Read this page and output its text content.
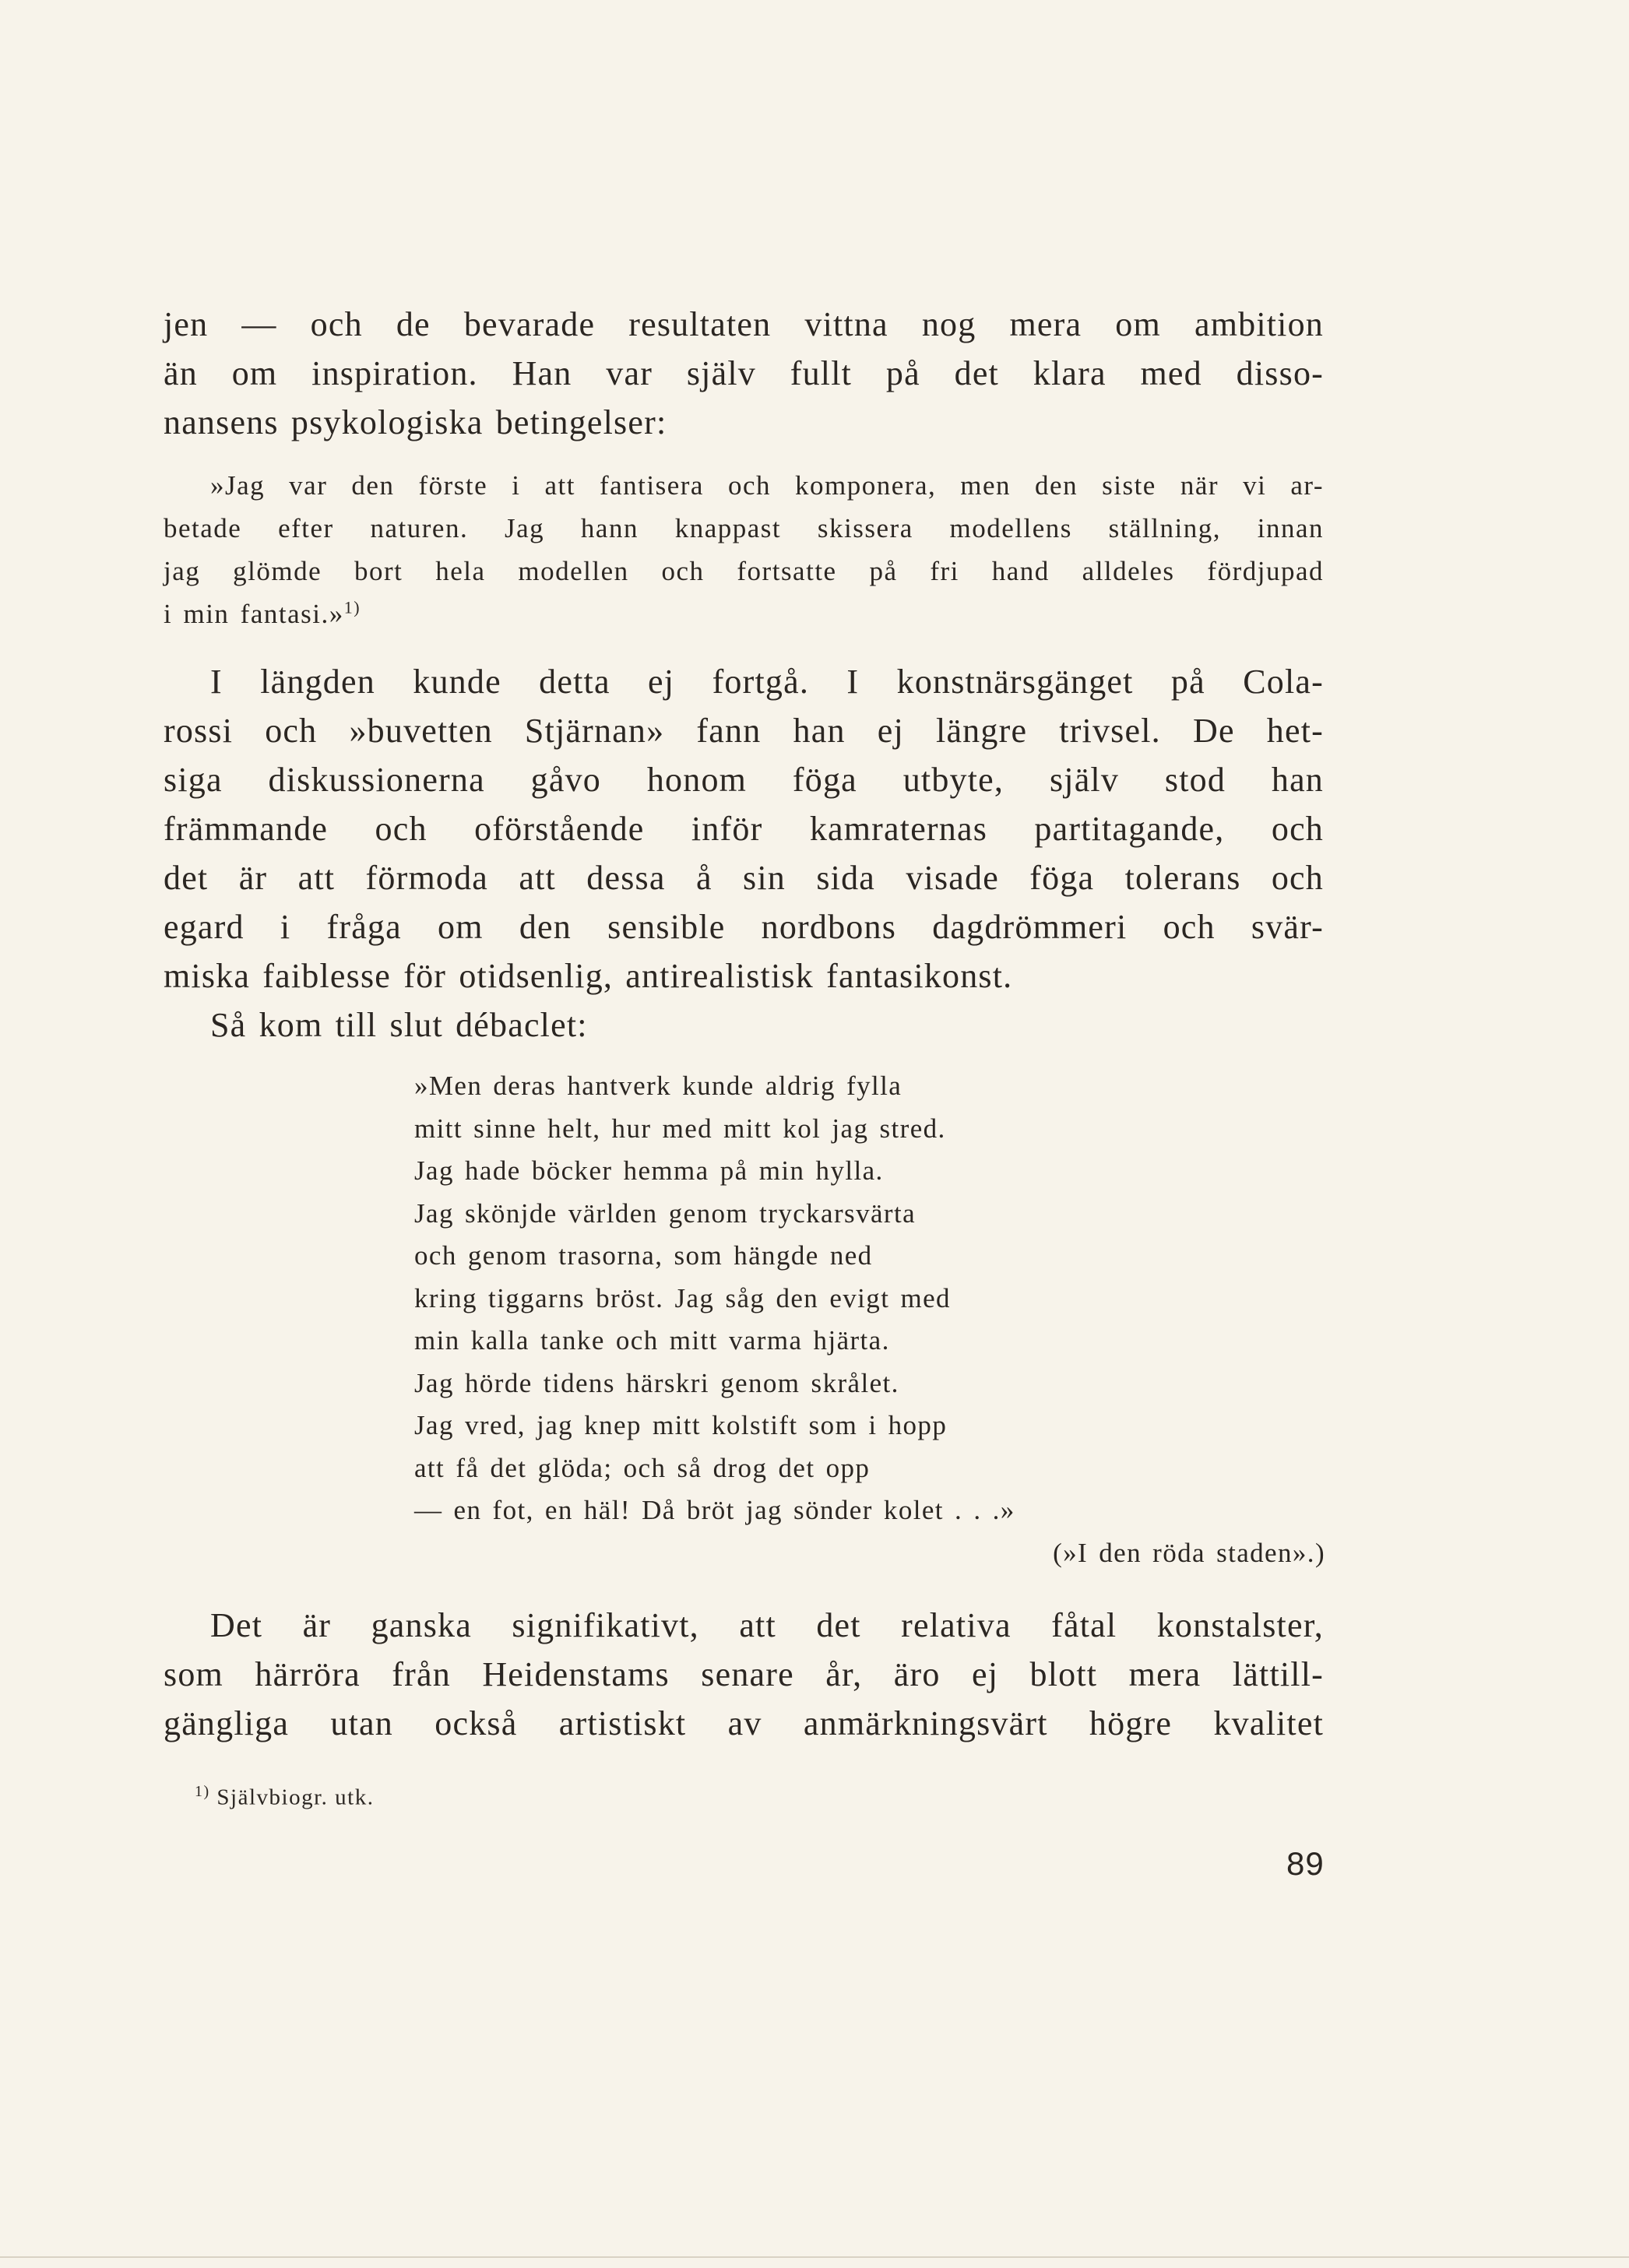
jen — och de bevarade resultaten vittna nog mera om ambition
än om inspiration. Han var själv fullt på det klara med disso-
nansens psykologiska betingelser:
»Jag var den förste i att fantisera och komponera, men den siste när vi ar-
betade efter naturen. Jag hann knappast skissera modellens ställning, innan
jag glömde bort hela modellen och fortsatte på fri hand alldeles fördjupad
i min fantasi.»$^{1)}$
I längden kunde detta ej fortgå. I konstnärsgänget på Cola-
rossi och »buvetten Stjärnan» fann han ej längre trivsel. De het-
siga diskussionerna gåvo honom föga utbyte, själv stod han
främmande och oförstående inför kamraternas partitagande, och
det är att förmoda att dessa å sin sida visade föga tolerans och
egard i fråga om den sensible nordbons dagdrömmeri och svär-
miska faiblesse för otidsenlig, antirealistisk fantasikonst.
Så kom till slut débaclet:
»Men deras hantverk kunde aldrig fylla
mitt sinne helt, hur med mitt kol jag stred.
Jag hade böcker hemma på min hylla.
Jag skönjde världen genom tryckarsvärta
och genom trasorna, som hängde ned
kring tiggarns bröst. Jag såg den evigt med
min kalla tanke och mitt varma hjärta.
Jag hörde tidens härskri genom skrålet.
Jag vred, jag knep mitt kolstift som i hopp
att få det glöda; och så drog det opp
— en fot, en häl! Då bröt jag sönder kolet . . .»
(»I den röda staden».)
Det är ganska signifikativt, att det relativa fåtal konstalster,
som härröra från Heidenstams senare år, äro ej blott mera lättill-
gängliga utan också artistiskt av anmärkningsvärt högre kvalitet
$^{1)}$ Självbiogr. utk.
89
